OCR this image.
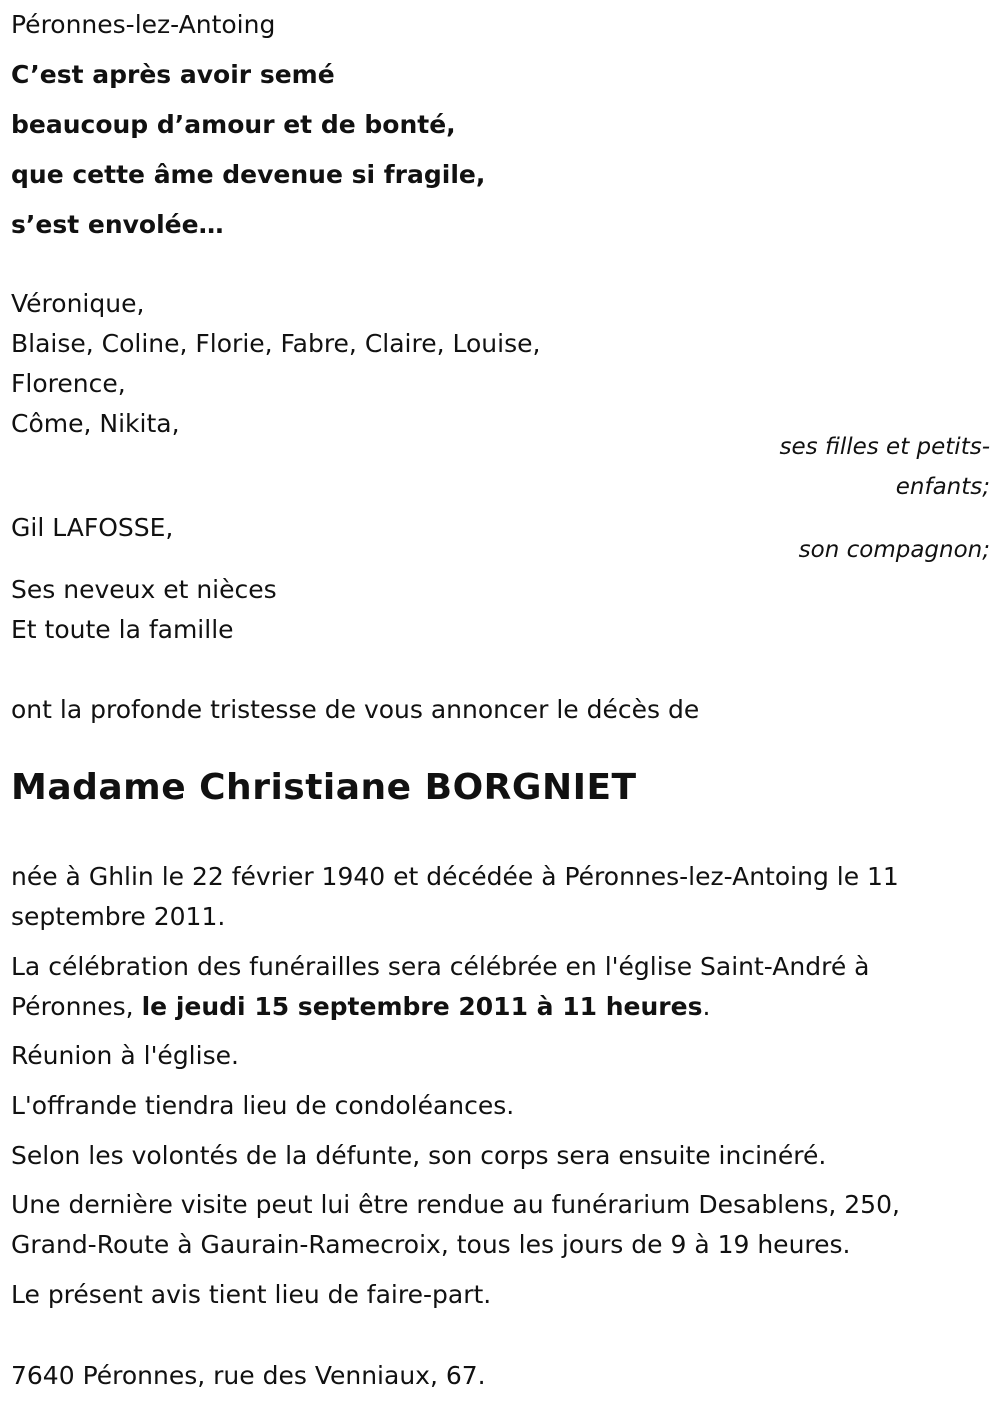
Péronnes-lez-Antoing
C’est après avoir semé
beaucoup d’amour et de bonté,
que cette âme devenue si fragile,
s’est envolée…
Véronique,
Blaise, Coline, Florie, Fabre, Claire, Louise,
Florence,
Côme, Nikita,
ses filles et petits-
enfants;
Gil LAFOSSE,
son compagnon;
Ses neveux et nièces
Et toute la famille
ont la profonde tristesse de vous annoncer le décès de
Madame Christiane BORGNIET
née à Ghlin le 22 février 1940 et décédée à Péronnes-lez-Antoing le 11 septembre 2011.
La célébration des funérailles sera célébrée en l'église Saint-André à Péronnes, le jeudi 15 septembre 2011 à 11 heures.
Réunion à l'église.
L'offrande tiendra lieu de condoléances.
Selon les volontés de la défunte, son corps sera ensuite incinéré.
Une dernière visite peut lui être rendue au funérarium Desablens, 250, Grand-Route à Gaurain-Ramecroix, tous les jours de 9 à 19 heures.
Le présent avis tient lieu de faire-part.
7640 Péronnes, rue des Venniaux, 67.
